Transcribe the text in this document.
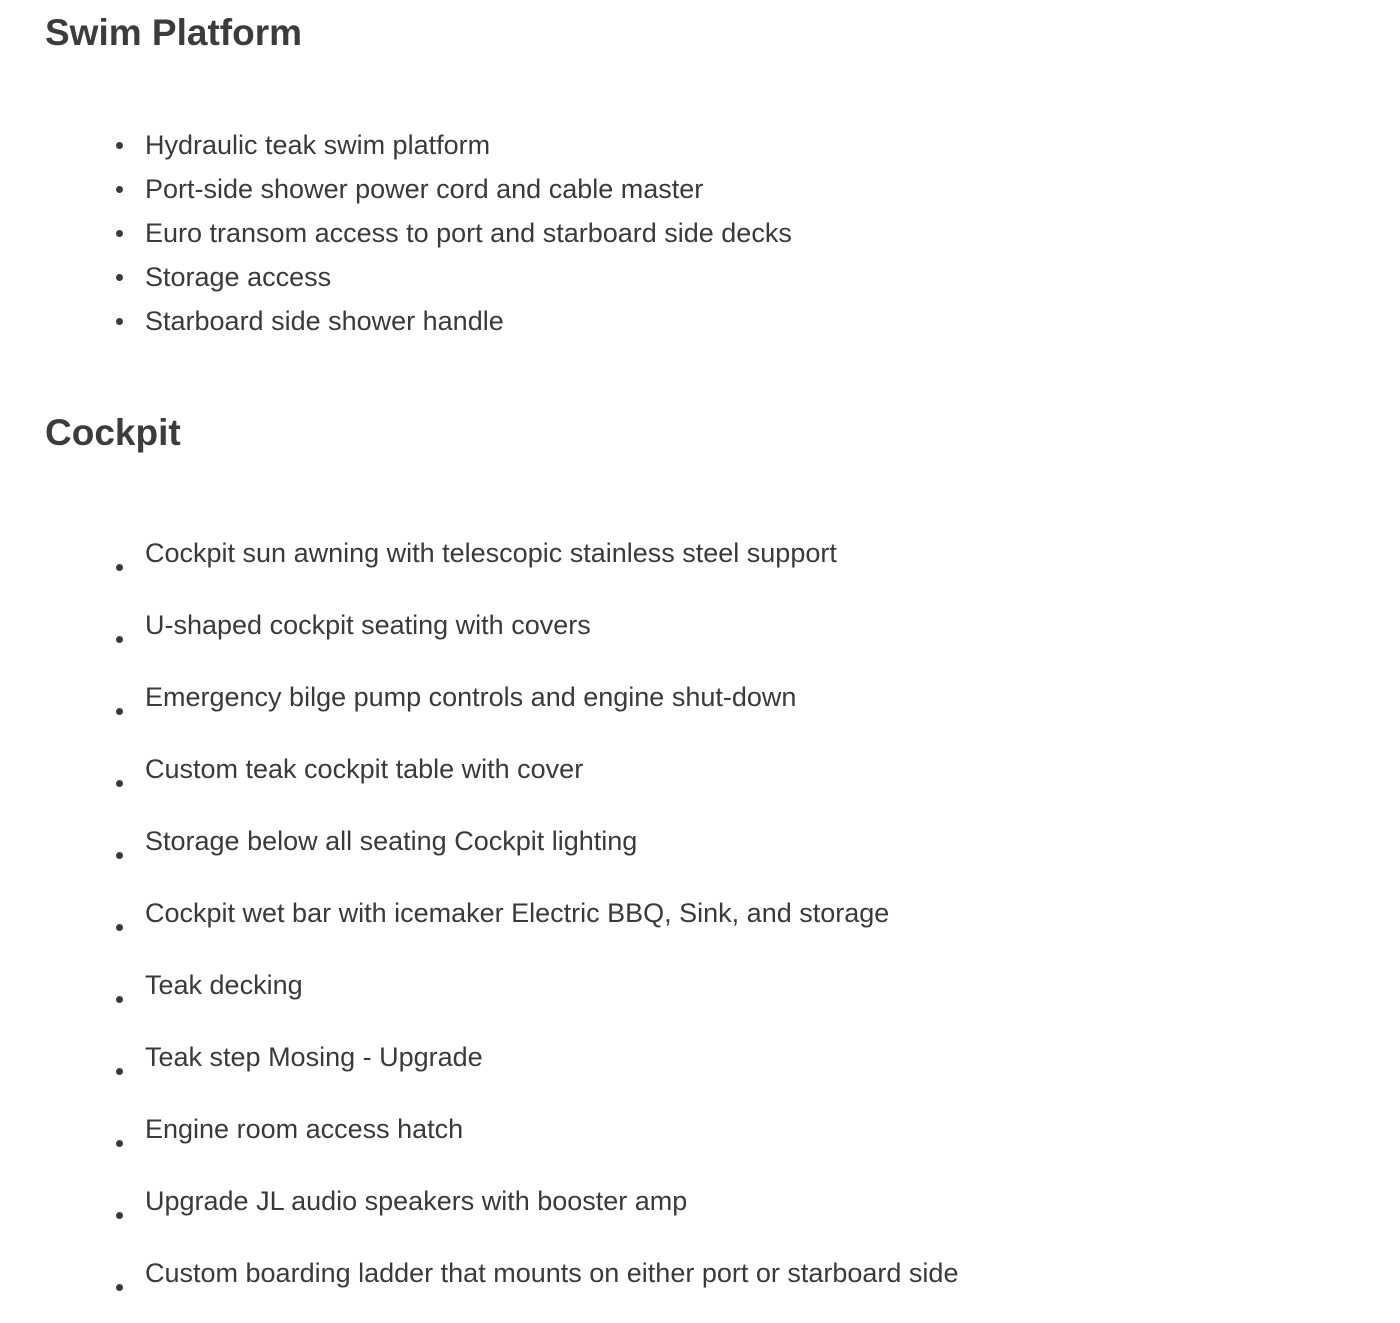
Swim Platform
Hydraulic teak swim platform
Port-side shower power cord and cable master
Euro transom access to port and starboard side decks
Storage access
Starboard side shower handle
Cockpit
Cockpit sun awning with telescopic stainless steel support
U-shaped cockpit seating with covers
Emergency bilge pump controls and engine shut-down
Custom teak cockpit table with cover
Storage below all seating Cockpit lighting
Cockpit wet bar with icemaker Electric BBQ, Sink, and storage
Teak decking
Teak step Mosing - Upgrade
Engine room access hatch
Upgrade JL audio speakers with booster amp
Custom boarding ladder that mounts on either port or starboard side
